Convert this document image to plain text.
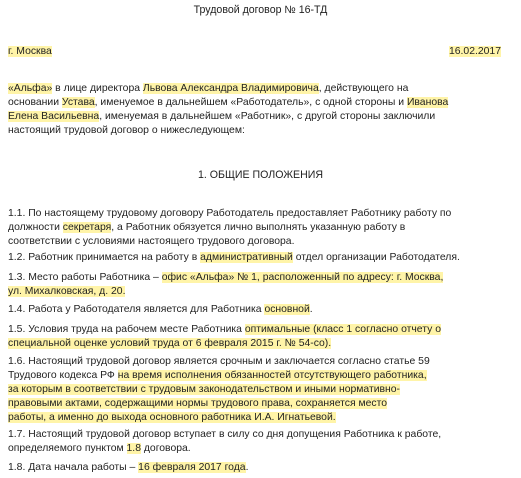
Трудовой договор № 16-ТД
г. Москва	16.02.2017
«Альфа» в лице директора Львова Александра Владимировича, действующего на
основании Устава, именуемое в дальнейшем «Работодатель», с одной стороны и Иванова
Елена Васильевна, именуемая в дальнейшем «Работник», с другой стороны заключили
настоящий трудовой договор о нижеследующем:
1. ОБЩИЕ ПОЛОЖЕНИЯ
1.1. По настоящему трудовому договору Работодатель предоставляет Работнику работу по
должности секретаря, а Работник обязуется лично выполнять указанную работу в
соответствии с условиями настоящего трудового договора.
1.2. Работник принимается на работу в административный отдел организации Работодателя.
1.3. Место работы Работника – офис «Альфа» № 1, расположенный по адресу: г. Москва,
ул. Михалковская, д. 20.
1.4. Работа у Работодателя является для Работника основной.
1.5. Условия труда на рабочем месте Работника оптимальные (класс 1 согласно отчету о
специальной оценке условий труда от 6 февраля 2015 г. № 54-со).
1.6. Настоящий трудовой договор является срочным и заключается согласно статье 59
Трудового кодекса РФ на время исполнения обязанностей отсутствующего работника,
за которым в соответствии с трудовым законодательством и иными нормативно-
правовыми актами, содержащими нормы трудового права, сохраняется место
работы, а именно до выхода основного работника И.А. Игнатьевой.
1.7. Настоящий трудовой договор вступает в силу со дня допущения Работника к работе,
определяемого пунктом 1.8 договора.
1.8. Дата начала работы – 16 февраля 2017 года.
